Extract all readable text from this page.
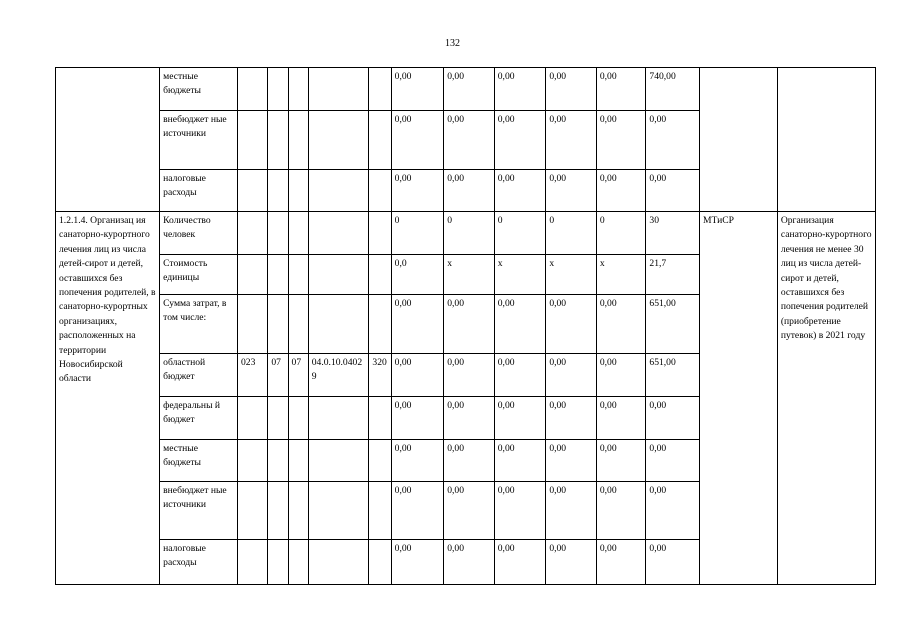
132
	местные бюджеты						0,00	0,00	0,00	0,00	0,00	740,00		
	внебюджет ные источники						0,00	0,00	0,00	0,00	0,00	0,00		
	налоговые расходы						0,00	0,00	0,00	0,00	0,00	0,00		
1.2.1.4. Организац ия санаторно-курортного лечения лиц из числа детей-сирот и детей, оставшихся без попечения родителей, в санаторно-курортных организациях, расположенных на территории Новосибирской области	Количество человек						0	0	0	0	0	30	МТиСР	Организация санаторно-курортного лечения не менее 30 лиц из числа детей-сирот и детей, оставшихся без попечения родителей (приобретение путевок) в 2021 году
	Стоимость единицы						0,0	x	x	x	x	21,7		
	Сумма затрат, в том числе:						0,00	0,00	0,00	0,00	0,00	651,00		
	областной бюджет	023	07	07	04.0.10.04029	320	0,00	0,00	0,00	0,00	0,00	651,00		
	федеральны й бюджет						0,00	0,00	0,00	0,00	0,00	0,00		
	местные бюджеты						0,00	0,00	0,00	0,00	0,00	0,00		
	внебюджет ные источники						0,00	0,00	0,00	0,00	0,00	0,00		
	налоговые расходы						0,00	0,00	0,00	0,00	0,00	0,00		
